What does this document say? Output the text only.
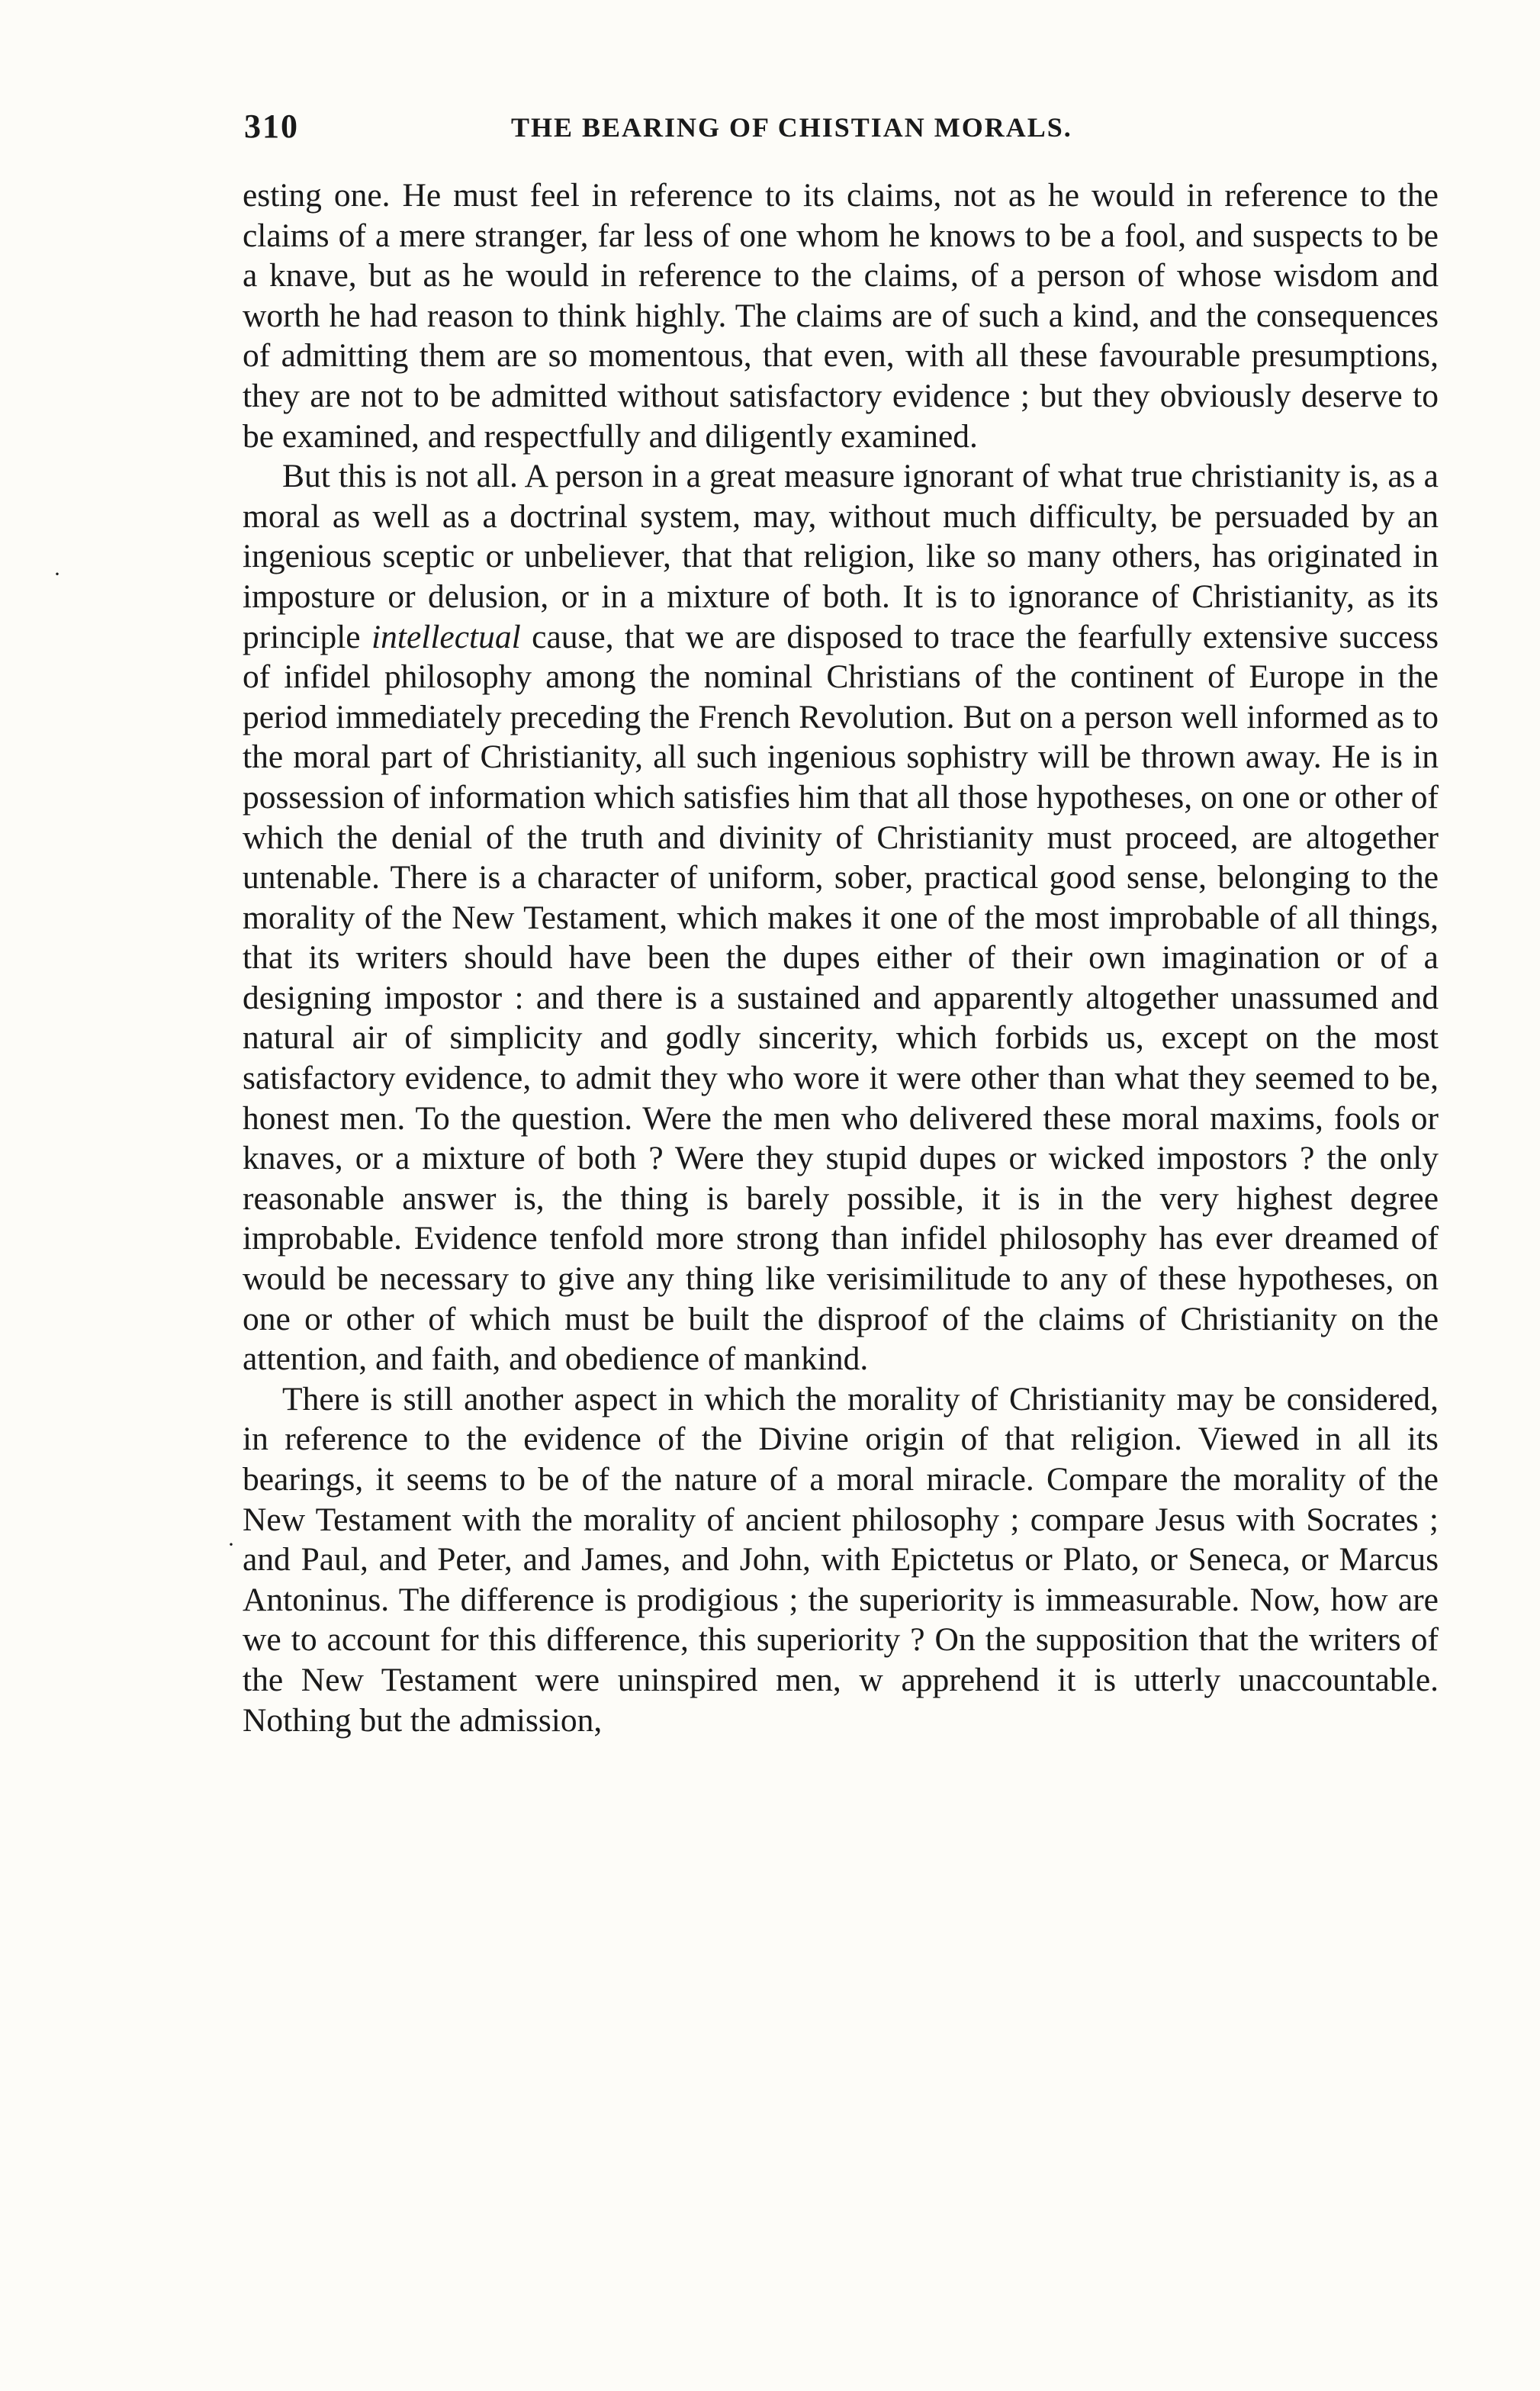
310	THE BEARING OF CHISTIAN MORALS.

esting one. He must feel in reference to its claims, not as he would in reference to the claims of a mere stranger, far less of one whom he knows to be a fool, and suspects to be a knave, but as he would in reference to the claims, of a person of whose wisdom and worth he had reason to think highly. The claims are of such a kind, and the consequences of admitting them are so momentous, that even, with all these favourable presumptions, they are not to be admitted without satisfactory evidence ; but they obviously deserve to be examined, and respectfully and diligently examined.

But this is not all. A person in a great measure ignorant of what true christianity is, as a moral as well as a doctrinal system, may, without much difficulty, be persuaded by an ingenious sceptic or unbeliever, that that religion, like so many others, has originated in imposture or delusion, or in a mixture of both. It is to ignorance of Christianity, as its principle intellectual cause, that we are disposed to trace the fearfully extensive success of infidel philosophy among the nominal Christians of the continent of Europe in the period immediately preceding the French Revolution. But on a person well informed as to the moral part of Christianity, all such ingenious sophistry will be thrown away. He is in possession of information which satisfies him that all those hypotheses, on one or other of which the denial of the truth and divinity of Christianity must proceed, are altogether untenable. There is a character of uniform, sober, practical good sense, belonging to the morality of the New Testament, which makes it one of the most improbable of all things, that its writers should have been the dupes either of their own imagination or of a designing impostor : and there is a sustained and apparently altogether unassumed and natural air of simplicity and godly sincerity, which forbids us, except on the most satisfactory evidence, to admit they who wore it were other than what they seemed to be, honest men. To the question. Were the men who delivered these moral maxims, fools or knaves, or a mixture of both ? Were they stupid dupes or wicked impostors ? the only reasonable answer is, the thing is barely possible, it is in the very highest degree improbable. Evidence tenfold more strong than infidel philosophy has ever dreamed of would be necessary to give any thing like verisimilitude to any of these hypotheses, on one or other of which must be built the disproof of the claims of Christianity on the attention, and faith, and obedience of mankind.

There is still another aspect in which the morality of Christianity may be considered, in reference to the evidence of the Divine origin of that religion. Viewed in all its bearings, it seems to be of the nature of a moral miracle. Compare the morality of the New Testament with the morality of ancient philosophy ; compare Jesus with Socrates ; and Paul, and Peter, and James, and John, with Epictetus or Plato, or Seneca, or Marcus Antoninus. The difference is prodigious ; the superiority is immeasurable. Now, how are we to account for this difference, this superiority ? On the supposition that the writers of the New Testament were uninspired men, w apprehend it is utterly unaccountable. Nothing but the admission,

·
·
